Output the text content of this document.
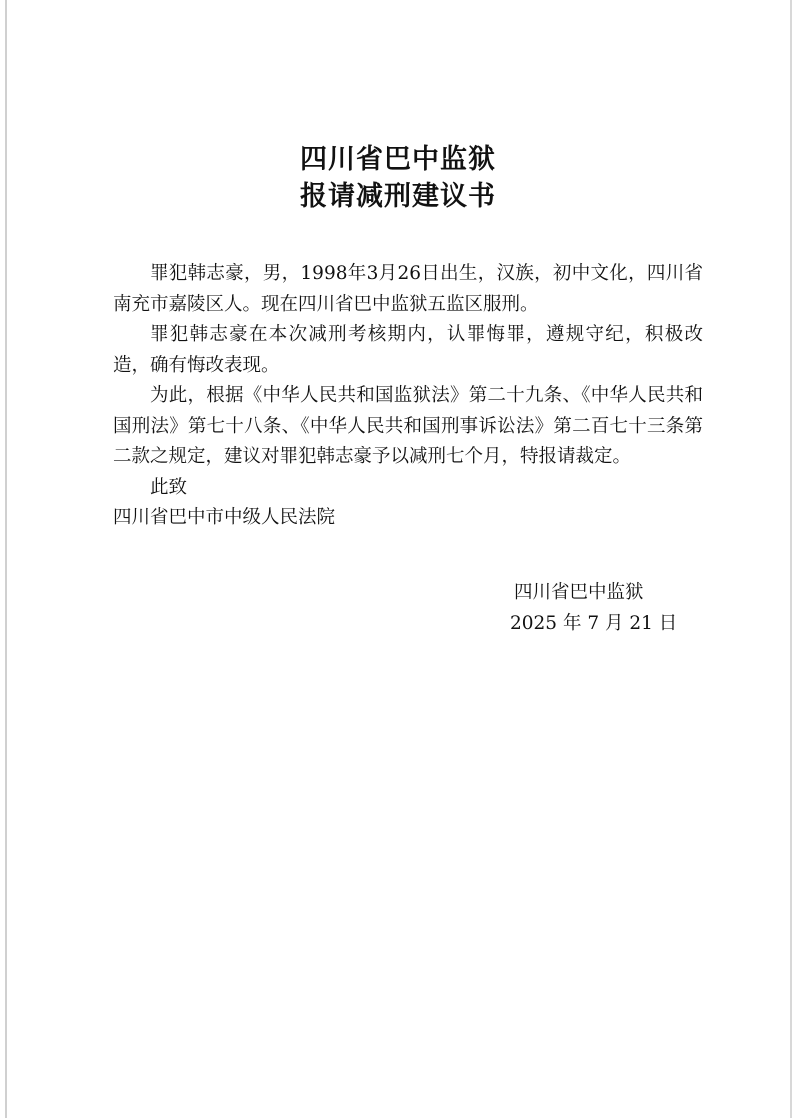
四川省巴中监狱
报请减刑建议书

罪犯韩志豪，男，1998年3月26日出生，汉族，初中文化，四川省南充市嘉陵区人。现在四川省巴中监狱五监区服刑。

罪犯韩志豪在本次减刑考核期内，认罪悔罪，遵规守纪，积极改造，确有悔改表现。

为此，根据《中华人民共和国监狱法》第二十九条、《中华人民共和国刑法》第七十八条、《中华人民共和国刑事诉讼法》第二百七十三条第二款之规定，建议对罪犯韩志豪予以减刑七个月，特报请裁定。

此致

四川省巴中市中级人民法院

四川省巴中监狱
2025 年 7 月 21 日
